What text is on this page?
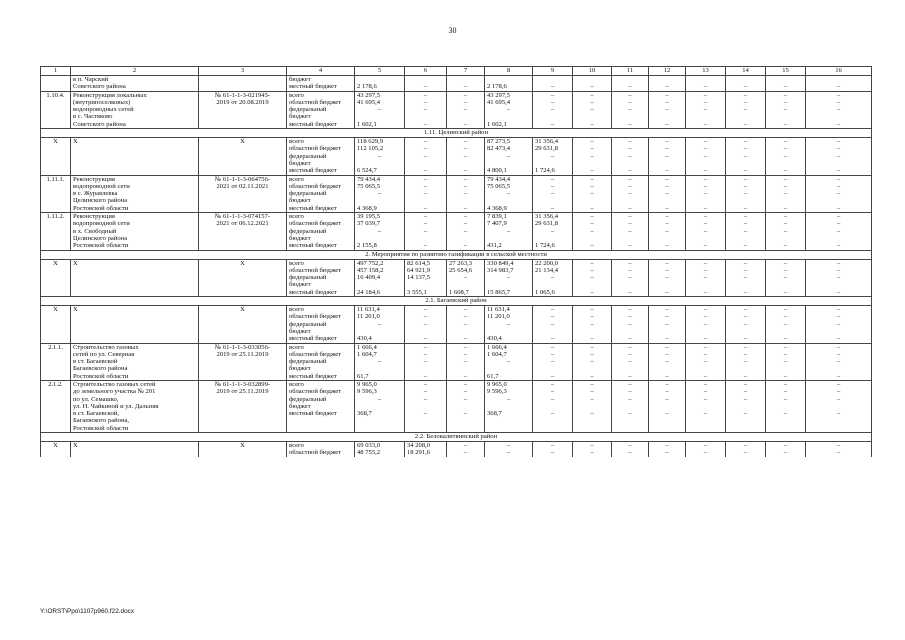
30
1	2	3	4	5	6	7	8	9	10	11	12	13	14	15	16
	в п. Чарский		бюджет												
	Советского района		местный бюджет	2 178,6	–	–	2 178,6	–	–	–	–	–	–	–	–
1.10.4.	Реконструкция локальных	№ 61-1-1-3-021945-	всего	43 297,5	–	–	43 297,5	–	–	–	–	–	–	–	–
	(внутрипоселковых)	2019 от 20.08.2019	областной бюджет	41 695,4	–	–	41 695,4	–	–	–	–	–	–	–	–
	водопроводных сетей		федеральный	–	–	–	–	–	–	–	–	–	–	–	–
	в с. Частяково		бюджет												
	Советского района		местный бюджет	1 602,1	–	–	1 602,1	–	–	–	–	–	–	–	–
1.11. Целинский район															
Х	Х	Х	всего	118 629,9	–	–	87 273,5	31 356,4	–	–	–	–	–	–	–
			областной бюджет	112 105,2	–	–	82 473,4	29 631,8	–	–	–	–	–	–	–
			федеральный	–	–	–	–	–	–	–	–	–	–	–	–
			бюджет												
			местный бюджет	6 524,7	–	–	4 800,1	1 724,6	–	–	–	–	–	–	–
1.11.1.	Реконструкция	№ 61-1-1-3-064756-	всего	79 434,4	–	–	79 434,4	–	–	–	–	–	–	–	–
	водопроводной сети	2021 от 02.11.2021	областной бюджет	75 065,5	–	–	75 065,5	–	–	–	–	–	–	–	–
	в с. Журавлевка		федеральный	–	–	–	–	–	–	–	–	–	–	–	–
	Целинского района		бюджет												
	Ростовской области		местный бюджет	4 368,9	–	–	4 368,9	–	–	–	–	–	–	–	–
1.11.2.	Реконструкция	№ 61-1-1-3-074157-	всего	39 195,5	–	–	7 839,1	31 356,4	–	–	–	–	–	–	–
	водопроводной сети	2021 от 06.12.2021	областной бюджет	37 039,7	–	–	7 407,9	29 631,8	–	–	–	–	–	–	–
	в х. Свободный		федеральный	–	–	–	–	–	–	–	–	–	–	–	–
	Целинского района		бюджет												
	Ростовской области		местный бюджет	2 155,8	–	–	431,2	1 724,6	–	–	–	–	–	–	–
2. Мероприятия по развитию газификации в сельской местности															
Х	Х	Х	всего	497 752,2	82 614,5	27 263,3	330 849,4	22 200,0	–	–	–	–	–	–	–
			областной бюджет	457 158,2	64 921,9	25 654,6	314 983,7	21 134,4	–	–	–	–	–	–	–
			федеральный	16 409,4	14 137,5	–	–	–	–	–	–	–	–	–	–
			бюджет												
			местный бюджет	24 184,6	3 555,1	1 608,7	15 865,7	1 065,6	–	–	–	–	–	–	–
2.1. Багаевский район															
Х	Х	Х	всего	11 631,4	–	–	11 631,4	–	–	–	–	–	–	–	–
			областной бюджет	11 201,0	–	–	11 201,0	–	–	–	–	–	–	–	–
			федеральный	–	–	–	–	–	–	–	–	–	–	–	–
			бюджет												
			местный бюджет	430,4	–	–	430,4	–	–	–	–	–	–	–	–
2.1.1.	Строительство газовых	№ 61-1-1-3-033056-	всего	1 666,4	–	–	1 666,4	–	–	–	–	–	–	–	–
	сетей по ул. Северная	2019 от 25.11.2019	областной бюджет	1 604,7	–	–	1 604,7	–	–	–	–	–	–	–	–
	в ст. Багаевской		федеральный	–	–	–	–	–	–	–	–	–	–	–	–
	Багаевского района		бюджет												
	Ростовской области		местный бюджет	61,7	–	–	61,7	–	–	–	–	–	–	–	–
2.1.2.	Строительство газовых сетей	№ 61-1-1-3-032899-	всего	9 965,0	–	–	9 965,0	–	–	–	–	–	–	–	–
	до земельного участка № 201	2019 от 25.11.2019	областной бюджет	9 596,3	–	–	9 596,3	–	–	–	–	–	–	–	–
	по ул. Семашко,		федеральный	–	–	–	–	–	–	–	–	–	–	–	–
	ул. Н. Чайкиной и ул. Дальняя		бюджет												
	в ст. Багаевской,		местный бюджет	368,7	–	–	368,7	–	–	–	–	–	–	–	–
	Багаевского района,														
	Ростовской области														
2.2. Белокалитвинский район															
Х	Х	Х	всего	69 033,0	34 208,0	–	–	–	–	–	–	–	–	–	–
			областной бюджет	48 755,2	18 291,6	–	–	–	–	–	–	–	–	–	–
Y:\ORST\Ppo\1107p960.f22.docx
